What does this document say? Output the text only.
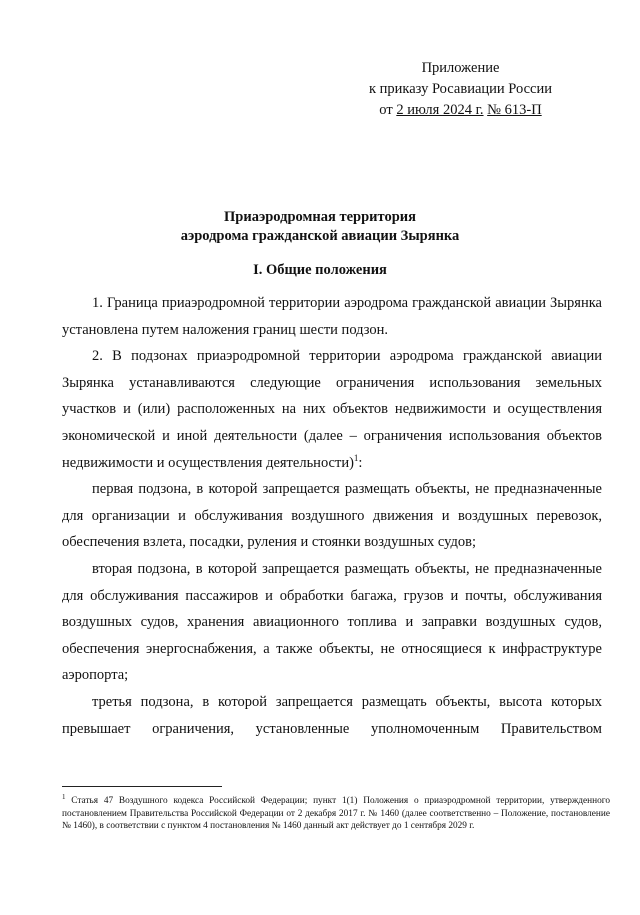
Приложение
к приказу Росавиации России
от 2 июля 2024 г. № 613-П
Приаэродромная территория
аэродрома гражданской авиации Зырянка
I. Общие положения

1. Граница приаэродромной территории аэродрома гражданской авиации Зырянка установлена путем наложения границ шести подзон.

2. В подзонах приаэродромной территории аэродрома гражданской авиации Зырянка устанавливаются следующие ограничения использования земельных участков и (или) расположенных на них объектов недвижимости и осуществления экономической и иной деятельности (далее – ограничения использования объектов недвижимости и осуществления деятельности)$^1$:

первая подзона, в которой запрещается размещать объекты, не предназначенные для организации и обслуживания воздушного движения и воздушных перевозок, обеспечения взлета, посадки, руления и стоянки воздушных судов;

вторая подзона, в которой запрещается размещать объекты, не предназначенные для обслуживания пассажиров и обработки багажа, грузов и почты, обслуживания воздушных судов, хранения авиационного топлива и заправки воздушных судов, обеспечения энергоснабжения, а также объекты, не относящиеся к инфраструктуре аэропорта;

третья подзона, в которой запрещается размещать объекты, высота которых превышает ограничения, установленные уполномоченным Правительством

$^1$ Статья 47 Воздушного кодекса Российской Федерации; пункт 1(1) Положения о приаэродромной территории, утвержденного постановлением Правительства Российской Федерации от 2 декабря 2017 г. № 1460 (далее соответственно – Положение, постановление № 1460), в соответствии с пунктом 4 постановления № 1460 данный акт действует до 1 сентября 2029 г.
